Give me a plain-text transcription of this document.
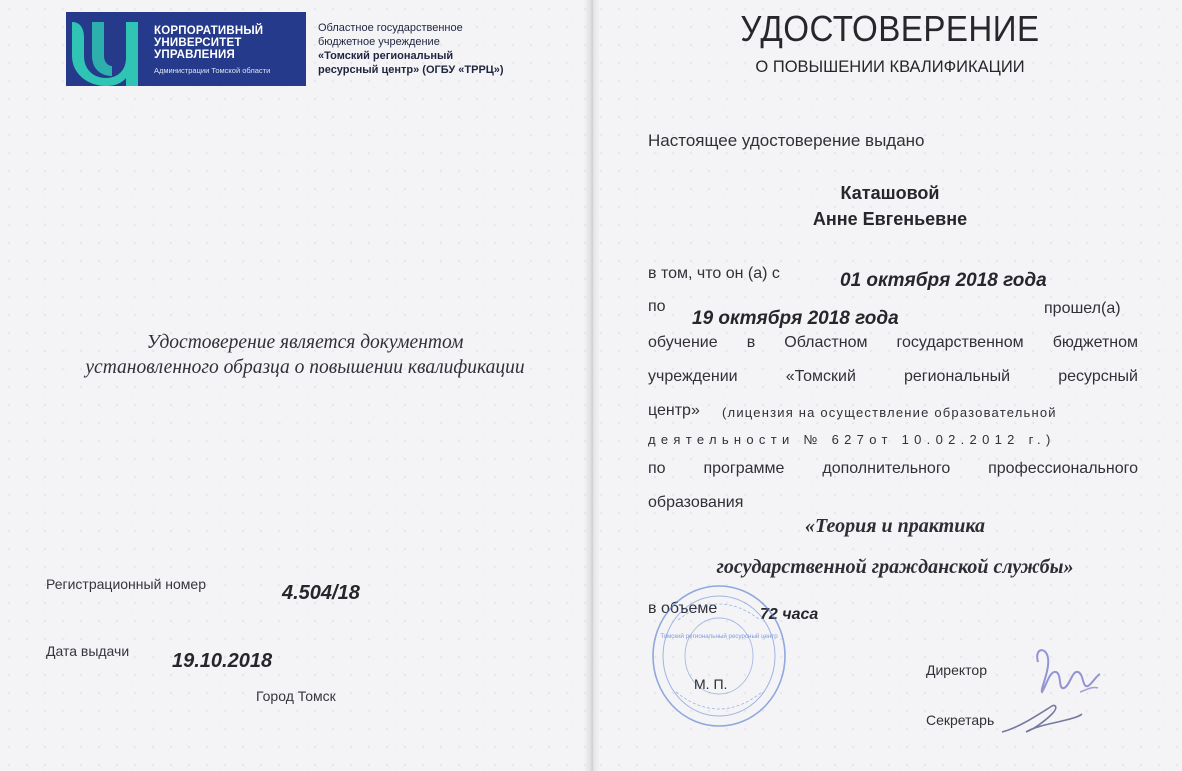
КОРПОРАТИВНЫЙ
УНИВЕРСИТЕТ
УПРАВЛЕНИЯ
Администрации Томской области
Областное государственное
бюджетное учреждение
«Томский региональный
ресурсный центр» (ОГБУ «ТРРЦ»)
Удостоверение является документом
установленного образца о повышении квалификации
Регистрационный номер	4.504/18
Дата выдачи 19.10.2018
Город Томск
УДОСТОВЕРЕНИЕ
О ПОВЫШЕНИИ КВАЛИФИКАЦИИ
Настоящее удостоверение выдано
Каташовой
Анне Евгеньевне
в том, что он (а) с	01 октября 2018 года
по
19 октября 2018 года	прошел(а)
обучение в Областном государственном бюджетном
учреждении «Томский региональный ресурсный
центр» (лицензия на осуществление образовательной
деятельности № 627от 10.02.2012 г.)
по программе дополнительного профессионального
образования
«Теория и практика
государственной гражданской службы»
в объеме	72 часа
Томский региональный ресурсный центр
М. П.
Директор
Секретарь
